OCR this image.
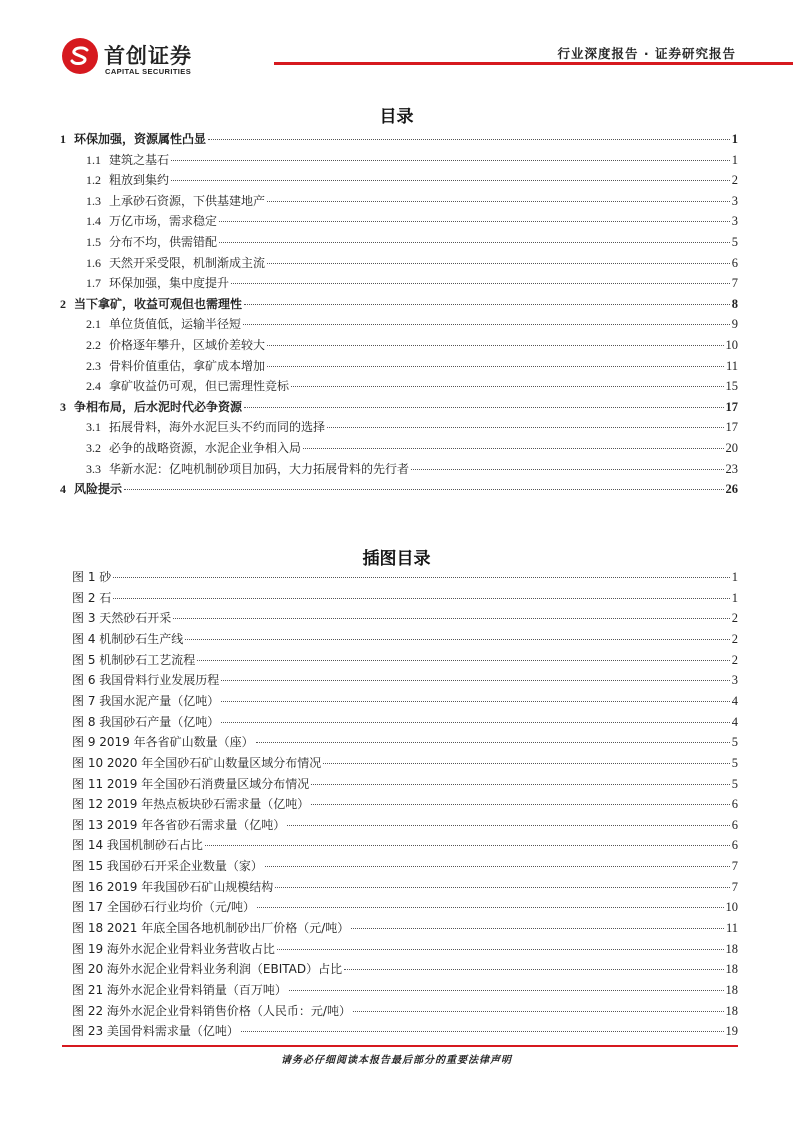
首创证券
CAPITAL SECURITIES
行业深度报告 · 证券研究报告
目录
1 环保加强，资源属性凸显	1
1.1 建筑之基石	1
1.2 粗放到集约	2
1.3 上承砂石资源，下供基建地产	3
1.4 万亿市场，需求稳定	3
1.5 分布不均，供需错配	5
1.6 天然开采受限，机制渐成主流	6
1.7 环保加强，集中度提升	7
2 当下拿矿，收益可观但也需理性	8
2.1 单位货值低，运输半径短	9
2.2 价格逐年攀升，区域价差较大	10
2.3 骨料价值重估，拿矿成本增加	11
2.4 拿矿收益仍可观，但已需理性竞标	15
3 争相布局，后水泥时代必争资源	17
3.1 拓展骨料，海外水泥巨头不约而同的选择	17
3.2 必争的战略资源，水泥企业争相入局	20
3.3 华新水泥：亿吨机制砂项目加码，大力拓展骨料的先行者	23
4 风险提示	26
插图目录
图 1 砂	1
图 2 石	1
图 3 天然砂石开采	2
图 4 机制砂石生产线	2
图 5 机制砂石工艺流程	2
图 6 我国骨料行业发展历程	3
图 7 我国水泥产量（亿吨）	4
图 8 我国砂石产量（亿吨）	4
图 9 2019 年各省矿山数量（座）	5
图 10 2020 年全国砂石矿山数量区域分布情况	5
图 11 2019 年全国砂石消费量区域分布情况	5
图 12 2019 年热点板块砂石需求量（亿吨）	6
图 13 2019 年各省砂石需求量（亿吨）	6
图 14 我国机制砂石占比	6
图 15 我国砂石开采企业数量（家）	7
图 16 2019 年我国砂石矿山规模结构	7
图 17 全国砂石行业均价（元/吨）	10
图 18 2021 年底全国各地机制砂出厂价格（元/吨）	11
图 19 海外水泥企业骨料业务营收占比	18
图 20 海外水泥企业骨料业务利润（EBITAD）占比	18
图 21 海外水泥企业骨料销量（百万吨）	18
图 22 海外水泥企业骨料销售价格（人民币：元/吨）	18
图 23 美国骨料需求量（亿吨）	19
请务必仔细阅读本报告最后部分的重要法律声明
